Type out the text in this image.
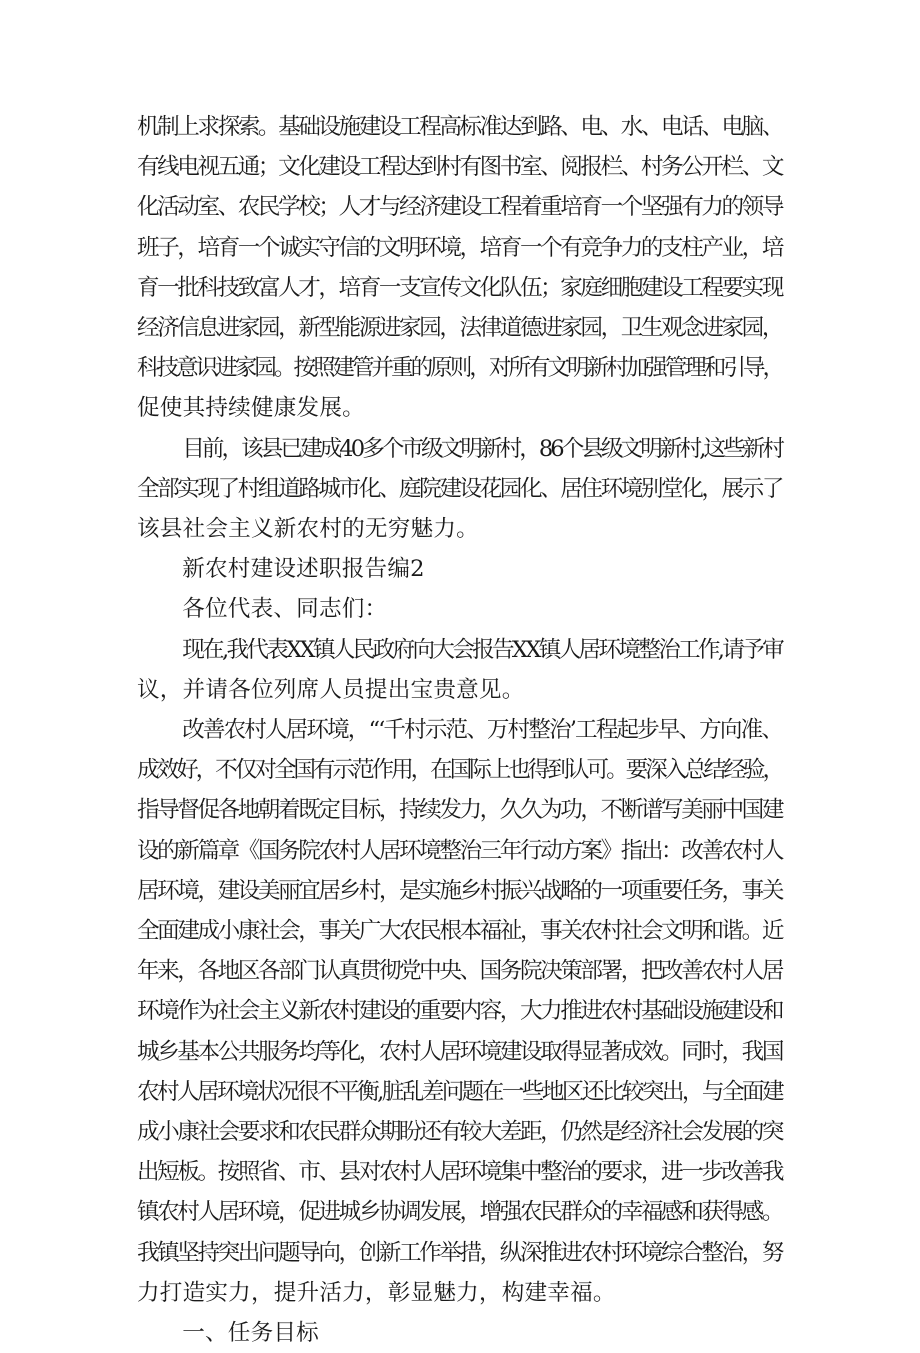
机制上求探索。基础设施建设工程高标准达到路、电、水、电话、电脑、
有线电视五通；文化建设工程达到村有图书室、阅报栏、村务公开栏、文
化活动室、农民学校；人才与经济建设工程着重培育一个坚强有力的领导
班子，培育一个诚实守信的文明环境，培育一个有竞争力的支柱产业，培
育一批科技致富人才，培育一支宣传文化队伍；家庭细胞建设工程要实现
经济信息进家园，新型能源进家园，法律道德进家园，卫生观念进家园，
科技意识进家园。按照建管并重的原则，对所有文明新村加强管理和引导，
促使其持续健康发展。
目前，该县已建成40多个市级文明新村，86个县级文明新村,这些新村
全部实现了村组道路城市化、庭院建设花园化、居住环境别堂化，展示了
该县社会主义新农村的无穷魅力。
新农村建设述职报告编2
各位代表、同志们：
现在,我代表XX镇人民政府向大会报告XX镇人居环境整治工作,请予审
议，并请各位列席人员提出宝贵意见。
改善农村人居环境，“‘千村示范、万村整治’工程起步早、方向准、
成效好，不仅对全国有示范作用，在国际上也得到认可。要深入总结经验，
指导督促各地朝着既定目标，持续发力，久久为功，不断谱写美丽中国建
设的新篇章《国务院农村人居环境整治三年行动方案》指出：改善农村人
居环境，建设美丽宜居乡村，是实施乡村振兴战略的一项重要任务，事关
全面建成小康社会，事关广大农民根本福祉，事关农村社会文明和谐。近
年来，各地区各部门认真贯彻党中央、国务院决策部署，把改善农村人居
环境作为社会主义新农村建设的重要内容，大力推进农村基础设施建设和
城乡基本公共服务均等化，农村人居环境建设取得显著成效。同时，我国
农村人居环境状况很不平衡,脏乱差问题在一些地区还比较突出，与全面建
成小康社会要求和农民群众期盼还有较大差距，仍然是经济社会发展的突
出短板。按照省、市、县对农村人居环境集中整治的要求，进一步改善我
镇农村人居环境，促进城乡协调发展，增强农民群众的幸福感和获得感。
我镇坚持突出问题导向，创新工作举措，纵深推进农村环境综合整治，努
力打造实力，提升活力，彰显魅力，构建幸福。
一、任务目标
